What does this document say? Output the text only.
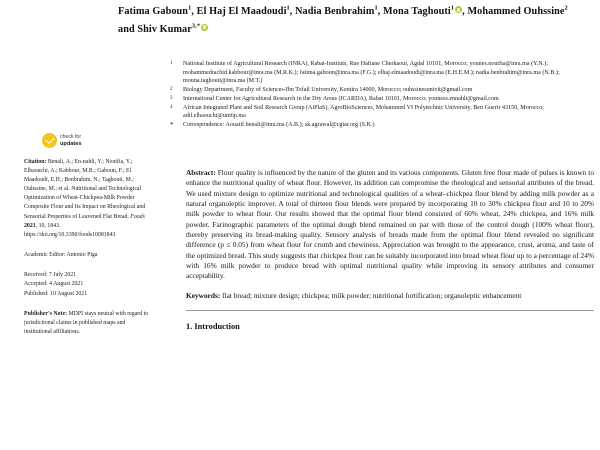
Fatima Gaboun$^1$, El Haj El Maadoudi$^1$, Nadia Benbrahim$^1$, Mona Taghouti$^1$ , Mohammed Ouhssine$^2$
and Shiv Kumar$^{3,*}$
1	National Institute of Agricultural Research (INRA), Rabat-Instituts, Rue Hafiane Cherkaoui, Agdal 10101, Morocco; younes.noutfia@inra.ma (Y.N.); mohammedrachid.kabbour@inra.ma (M.R.K.); fatima.gaboun@inra.ma (F.G.); elhaj.elmaadoudi@inra.ma (E.H.E.M.); nadia.benbrahim@inra.ma (N.B.); mouna.taghouti@inra.ma (M.T.)
2	Biology Department, Faculty of Sciences-Ibn Tofail University, Kenitra 14000, Morocco; ouhssinesunivit@gmail.com
3	International Center for Agricultural Research in the Dry Areas (ICARDA), Rabat 10101, Morocco; youness.ennahli@gmail.com
4	African Integrated Plant and Soil Research Group (AiPlaS), AgroBioSciences, Mohammed VI Polytechnic University, Ben Guerir 43150, Morocco; adil.elhaouchi@um6p.ma
*	Correspondence: Aouatif.benali@inra.ma (A.B.); sk.agrawal@cgiar.org (S.K.)
check for
updates
Citation: Benali, A.; En-nahli, Y.; Noutfia, Y.; Elbaouchi, A.; Kabbour, M.R.; Gaboun, F.; El Maadoudi, E.H.; Benbrahim, N.; Taghouti, M.; Ouhssine, M.; et al. Nutritional and Technological Optimization of Wheat-Chickpea-Milk Powder Composite Flour and Its Impact on Rheological and Sensorial Properties of Leavened Flat Bread. Foods 2021, 10, 1843. https://doi.org/10.3390/foods10081843
Academic Editor: Antonio Piga
Received: 7 July 2021
Accepted: 4 August 2021
Published: 10 August 2021
Publisher's Note: MDPI stays neutral with regard to jurisdictional claims in published maps and institutional affiliations.
Abstract: Flour quality is influenced by the nature of the gluten and its various components. Gluten free flour made of pulses is known to enhance the nutritional quality of wheat flour. However, its addition can compromise the rheological and sensorial attributes of the bread. We used mixture design to optimize nutritional and technological qualities of a wheat–chickpea flour blend by adding milk powder as a natural organoleptic improver. A total of thirteen flour blends were prepared by incorporating 10 to 30% chickpea flour and 10 to 20% milk powder to wheat flour. Our results showed that the optimal flour blend consisted of 60% wheat, 24% chickpea, and 16% milk powder. Farinographic parameters of the optimal dough blend remained on par with those of the control dough (100% wheat flour), thereby preserving its bread-making quality. Sensory analysis of breads made from the optimal flour blend revealed no significant difference (p ≤ 0.05) from wheat flour for crumb and chewiness. Appreciation was brought to the appearance, crust, aroma, and taste of the optimized bread. This study suggests that chickpea flour can be suitably incorporated into bread wheat flour up to a percentage of 24% with 16% milk powder to produce bread with optimal nutritional quality while improving its sensory attributes and consumer acceptability.
Keywords: flat bread; mixture design; chickpea; milk powder; nutritional fortification; organoleptic enhancement
1. Introduction
